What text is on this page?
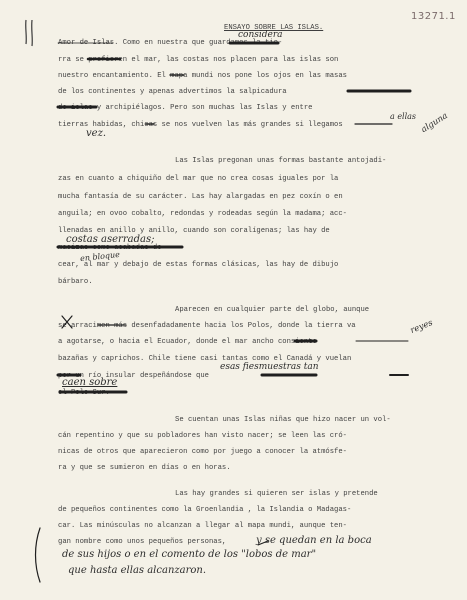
13271.1
ENSAYO SOBRE LAS ISLAS.
Amor de Islas. Como en nuestra que guardamos la tie-
rra se prefieren el mar, las costas nos placen para las islas son
nuestro encantamiento. El mapa mundi nos pone los ojos en las masas
de los continentes y apenas advertimos la salpicadura
de islas y archipiélagos. Pero son muchas las Islas y entre
tierras habidas, chicas se nos vuelven las más grandes si llegamos
Las Islas pregonan unas formas bastante antojadi-
zas en cuanto a chiquiño del mar que no crea cosas iguales por la
mucha fantasía de su carácter. Las hay alargadas en pez coxín o en
anguila; en ovoo cobalto, redondas y rodeadas según la madama; acc-
llenadas en anillo y anillo, cuando son coralígenas; las hay de
macizas como acabadas de
cear, al mar y debajo de estas formas clásicas, las hay de dibujo
bárbaro.
Aparecen en cualquier parte del globo, aunque
se arracimen más desenfadadamente hacia los Polos, donde la tierra va
a agotarse, o hacia el Ecuador, donde el mar ancho consiente
bazañas y caprichos. Chile tiene casi tantas como el Canadá y vuelan
por un río insular despeñándose que
el Polo Sur.
Se cuentan unas Islas niñas que hizo nacer un vol-
cán repentino y que su pobladores han visto nacer; se leen las cró-
nicas de otros que aparecieron como por juego a conocer la atmósfe-
ra y que se sumieron en días o en horas.
Las hay grandes si quieren ser islas y pretende
de pequeños continentes como la Groenlandia , la Islandia o Madagas-
car. Las minúsculas no alcanzan a llegar al mapa mundi, aunque ten-
gan nombre como unos pequeños personas,
considera
a ellas alguna
vez.
costas aserradas;
en bloque
reyes
esas fiesmuestras tan
caen sobre
y se quedan en la boca
de sus hijos o en el comento de los "lobos de mar"
que hasta ellas alcanzaron.
